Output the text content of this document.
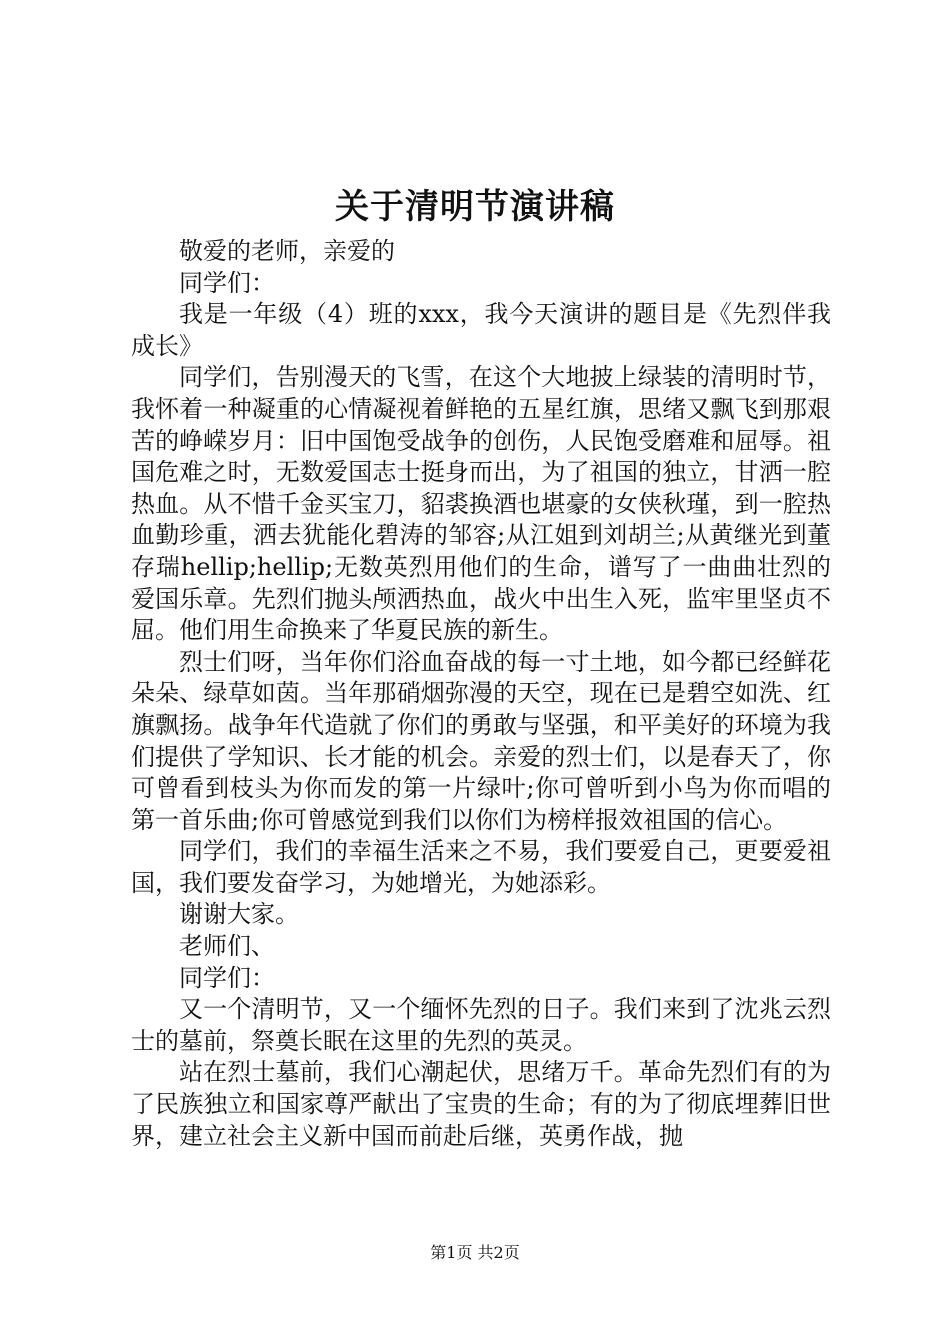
关于清明节演讲稿

敬爱的老师，亲爱的

同学们：

我是一年级（4）班的xxx，我今天演讲的题目是《先烈伴我成长》

同学们，告别漫天的飞雪，在这个大地披上绿装的清明时节，我怀着一种凝重的心情凝视着鲜艳的五星红旗，思绪又飘飞到那艰苦的峥嵘岁月：旧中国饱受战争的创伤，人民饱受磨难和屈辱。祖国危难之时，无数爱国志士挺身而出，为了祖国的独立，甘洒一腔热血。从不惜千金买宝刀，貂裘换酒也堪豪的女侠秋瑾，到一腔热血勤珍重，洒去犹能化碧涛的邹容;从江姐到刘胡兰;从黄继光到董存瑞hellip;hellip;无数英烈用他们的生命，谱写了一曲曲壮烈的爱国乐章。先烈们抛头颅洒热血，战火中出生入死，监牢里坚贞不屈。他们用生命换来了华夏民族的新生。

烈士们呀，当年你们浴血奋战的每一寸土地，如今都已经鲜花朵朵、绿草如茵。当年那硝烟弥漫的天空，现在已是碧空如洗、红旗飘扬。战争年代造就了你们的勇敢与坚强，和平美好的环境为我们提供了学知识、长才能的机会。亲爱的烈士们，以是春天了，你可曾看到枝头为你而发的第一片绿叶;你可曾听到小鸟为你而唱的第一首乐曲;你可曾感觉到我们以你们为榜样报效祖国的信心。

同学们，我们的幸福生活来之不易，我们要爱自己，更要爱祖国，我们要发奋学习，为她增光，为她添彩。

谢谢大家。

老师们、

同学们：

又一个清明节，又一个缅怀先烈的日子。我们来到了沈兆云烈士的墓前，祭奠长眠在这里的先烈的英灵。

站在烈士墓前，我们心潮起伏，思绪万千。革命先烈们有的为了民族独立和国家尊严献出了宝贵的生命；有的为了彻底埋葬旧世界，建立社会主义新中国而前赴后继，英勇作战，抛

第1页 共2页
